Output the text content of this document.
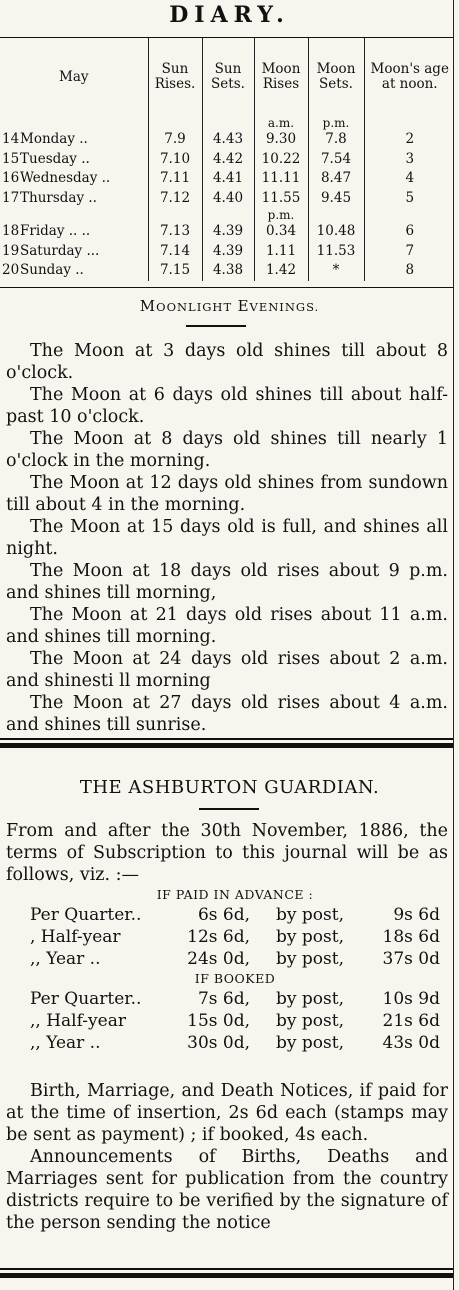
DIARY.
May	Sun Rises.	Sun Sets.	Moon Rises	Moon Sets.	Moon's age at noon.
			a.m.	p.m.	
14Monday ..	7.9	4.43	9.30	7.8	2
15Tuesday ..	7.10	4.42	10.22	7.54	3
16Wednesday ..	7.11	4.41	11.11	8.47	4
17Thursday ..	7.12	4.40	11.55	9.45	5
			p.m.		
18Friday .. ..	7.13	4.39	0.34	10.48	6
19Saturday ...	7.14	4.39	1.11	11.53	7
20Sunday ..	7.15	4.38	1.42	*	8
MOONLIGHT EVENINGS.

The Moon at 3 days old shines till about 8 o'clock.

The Moon at 6 days old shines till about half-past 10 o'clock.

The Moon at 8 days old shines till nearly 1 o'clock in the morning.

The Moon at 12 days old shines from sundown till about 4 in the morning.

The Moon at 15 days old is full, and shines all night.

The Moon at 18 days old rises about 9 p.m. and shines till morning,

The Moon at 21 days old rises about 11 a.m. and shines till morning.

The Moon at 24 days old rises about 2 a.m. and shinesti ll morning

The Moon at 27 days old rises about 4 a.m. and shines till sunrise.

THE ASHBURTON GUARDIAN.

From and after the 30th November, 1886, the terms of Subscription to this journal will be as follows, viz. :—

IF PAID IN ADVANCE :
Per Quarter..	6s 6d,	by post,	9s 6d
, Half-year	12s 6d,	by post,	18s 6d
,, Year ..	24s 0d,	by post,	37s 0d
IF BOOKED
Per Quarter..	7s 6d,	by post,	10s 9d
,, Half-year	15s 0d,	by post,	21s 6d
,, Year ..	30s 0d,	by post,	43s 0d

Birth, Marriage, and Death Notices, if paid for at the time of insertion, 2s 6d each (stamps may be sent as payment) ; if booked, 4s each.

Announcements of Births, Deaths and Marriages sent for publication from the country districts require to be verified by the signature of the person sending the notice
